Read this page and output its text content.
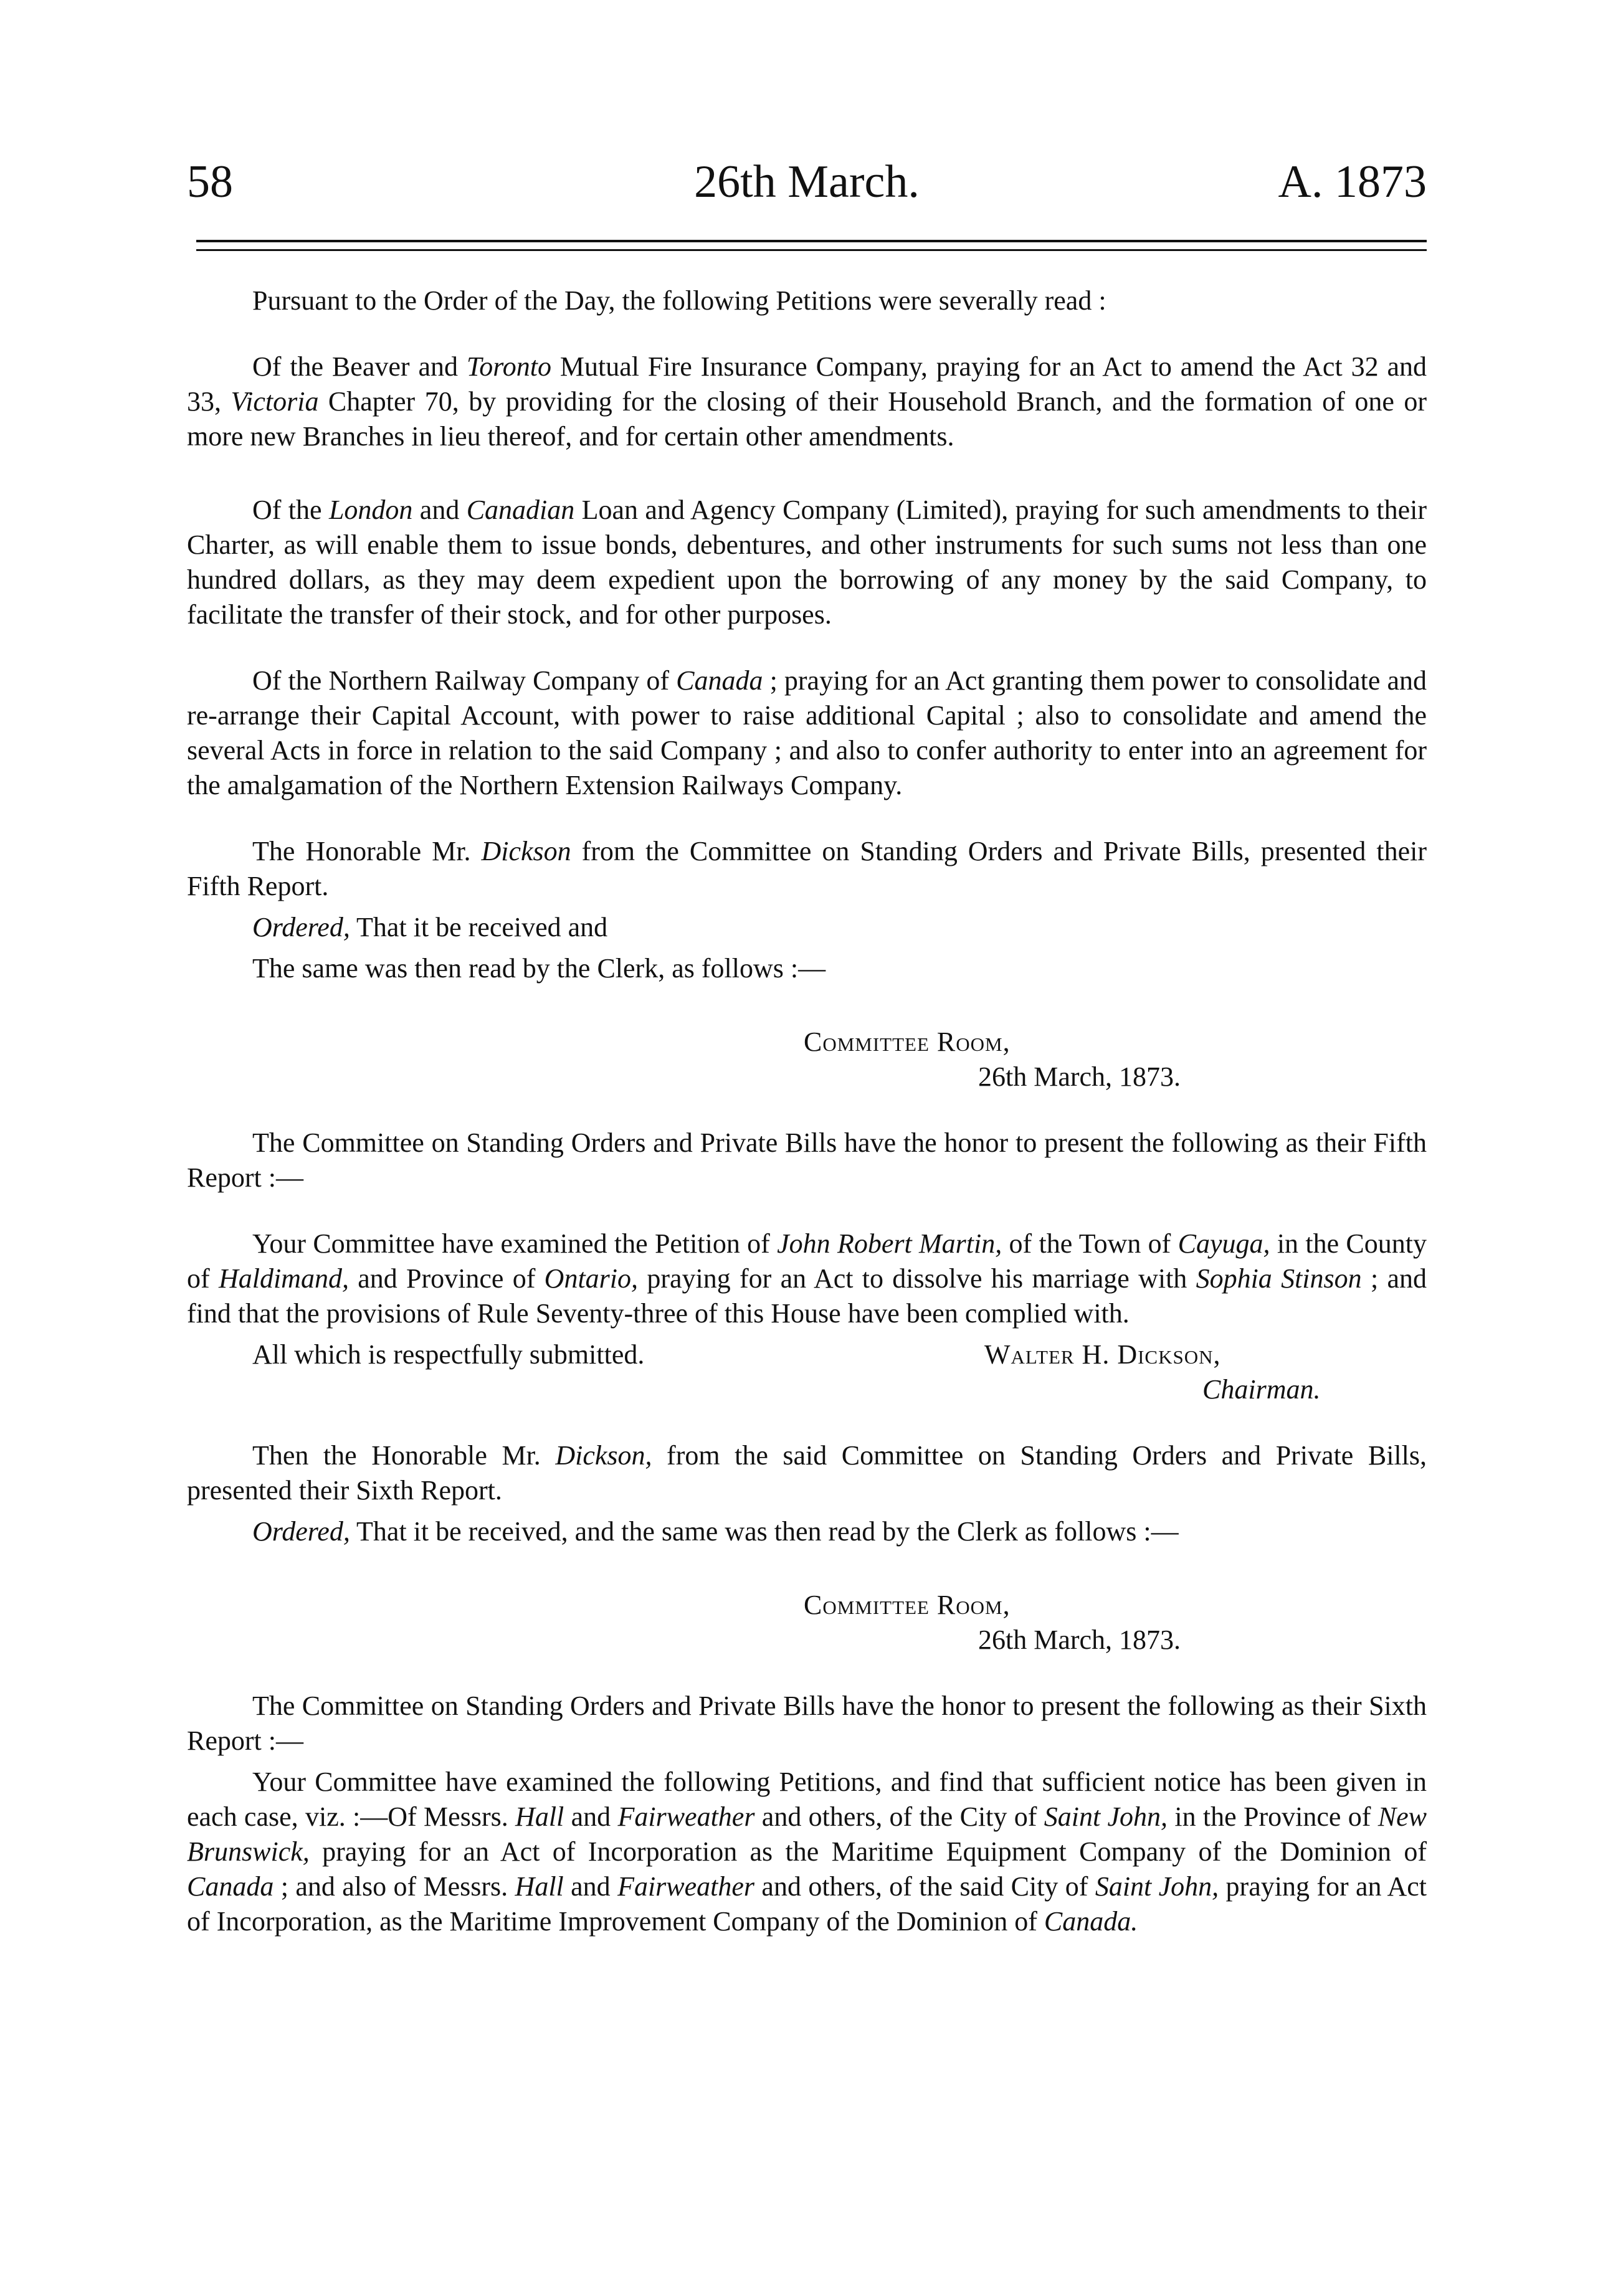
26th March.
58	A. 1873

Pursuant to the Order of the Day, the following Petitions were severally read :

Of the Beaver and Toronto Mutual Fire Insurance Company, praying for an Act to amend the Act 32 and 33, Victoria Chapter 70, by providing for the closing of their Household Branch, and the formation of one or more new Branches in lieu thereof, and for certain other amendments.

Of the London and Canadian Loan and Agency Company (Limited), praying for such amendments to their Charter, as will enable them to issue bonds, debentures, and other instruments for such sums not less than one hundred dollars, as they may deem expedient upon the borrowing of any money by the said Company, to facilitate the transfer of their stock, and for other purposes.

Of the Northern Railway Company of Canada ; praying for an Act granting them power to consolidate and re-arrange their Capital Account, with power to raise additional Capital ; also to consolidate and amend the several Acts in force in relation to the said Company ; and also to confer authority to enter into an agreement for the amalgamation of the Northern Extension Railways Company.

The Honorable Mr. Dickson from the Committee on Standing Orders and Private Bills, presented their Fifth Report.

Ordered, That it be received and

The same was then read by the Clerk, as follows :—

Committee Room,
26th March, 1873.

The Committee on Standing Orders and Private Bills have the honor to present the following as their Fifth Report :—

Your Committee have examined the Petition of John Robert Martin, of the Town of Cayuga, in the County of Haldimand, and Province of Ontario, praying for an Act to dissolve his marriage with Sophia Stinson ; and find that the provisions of Rule Seventy-three of this House have been complied with.

All which is respectfully submitted.	Walter H. Dickson,
Chairman.

Then the Honorable Mr. Dickson, from the said Committee on Standing Orders and Private Bills, presented their Sixth Report.

Ordered, That it be received, and the same was then read by the Clerk as follows :—

Committee Room,
26th March, 1873.

The Committee on Standing Orders and Private Bills have the honor to present the following as their Sixth Report :—

Your Committee have examined the following Petitions, and find that sufficient notice has been given in each case, viz. :—Of Messrs. Hall and Fairweather and others, of the City of Saint John, in the Province of New Brunswick, praying for an Act of Incorporation as the Maritime Equipment Company of the Dominion of Canada ; and also of Messrs. Hall and Fairweather and others, of the said City of Saint John, praying for an Act of Incorporation, as the Maritime Improvement Company of the Dominion of Canada.
